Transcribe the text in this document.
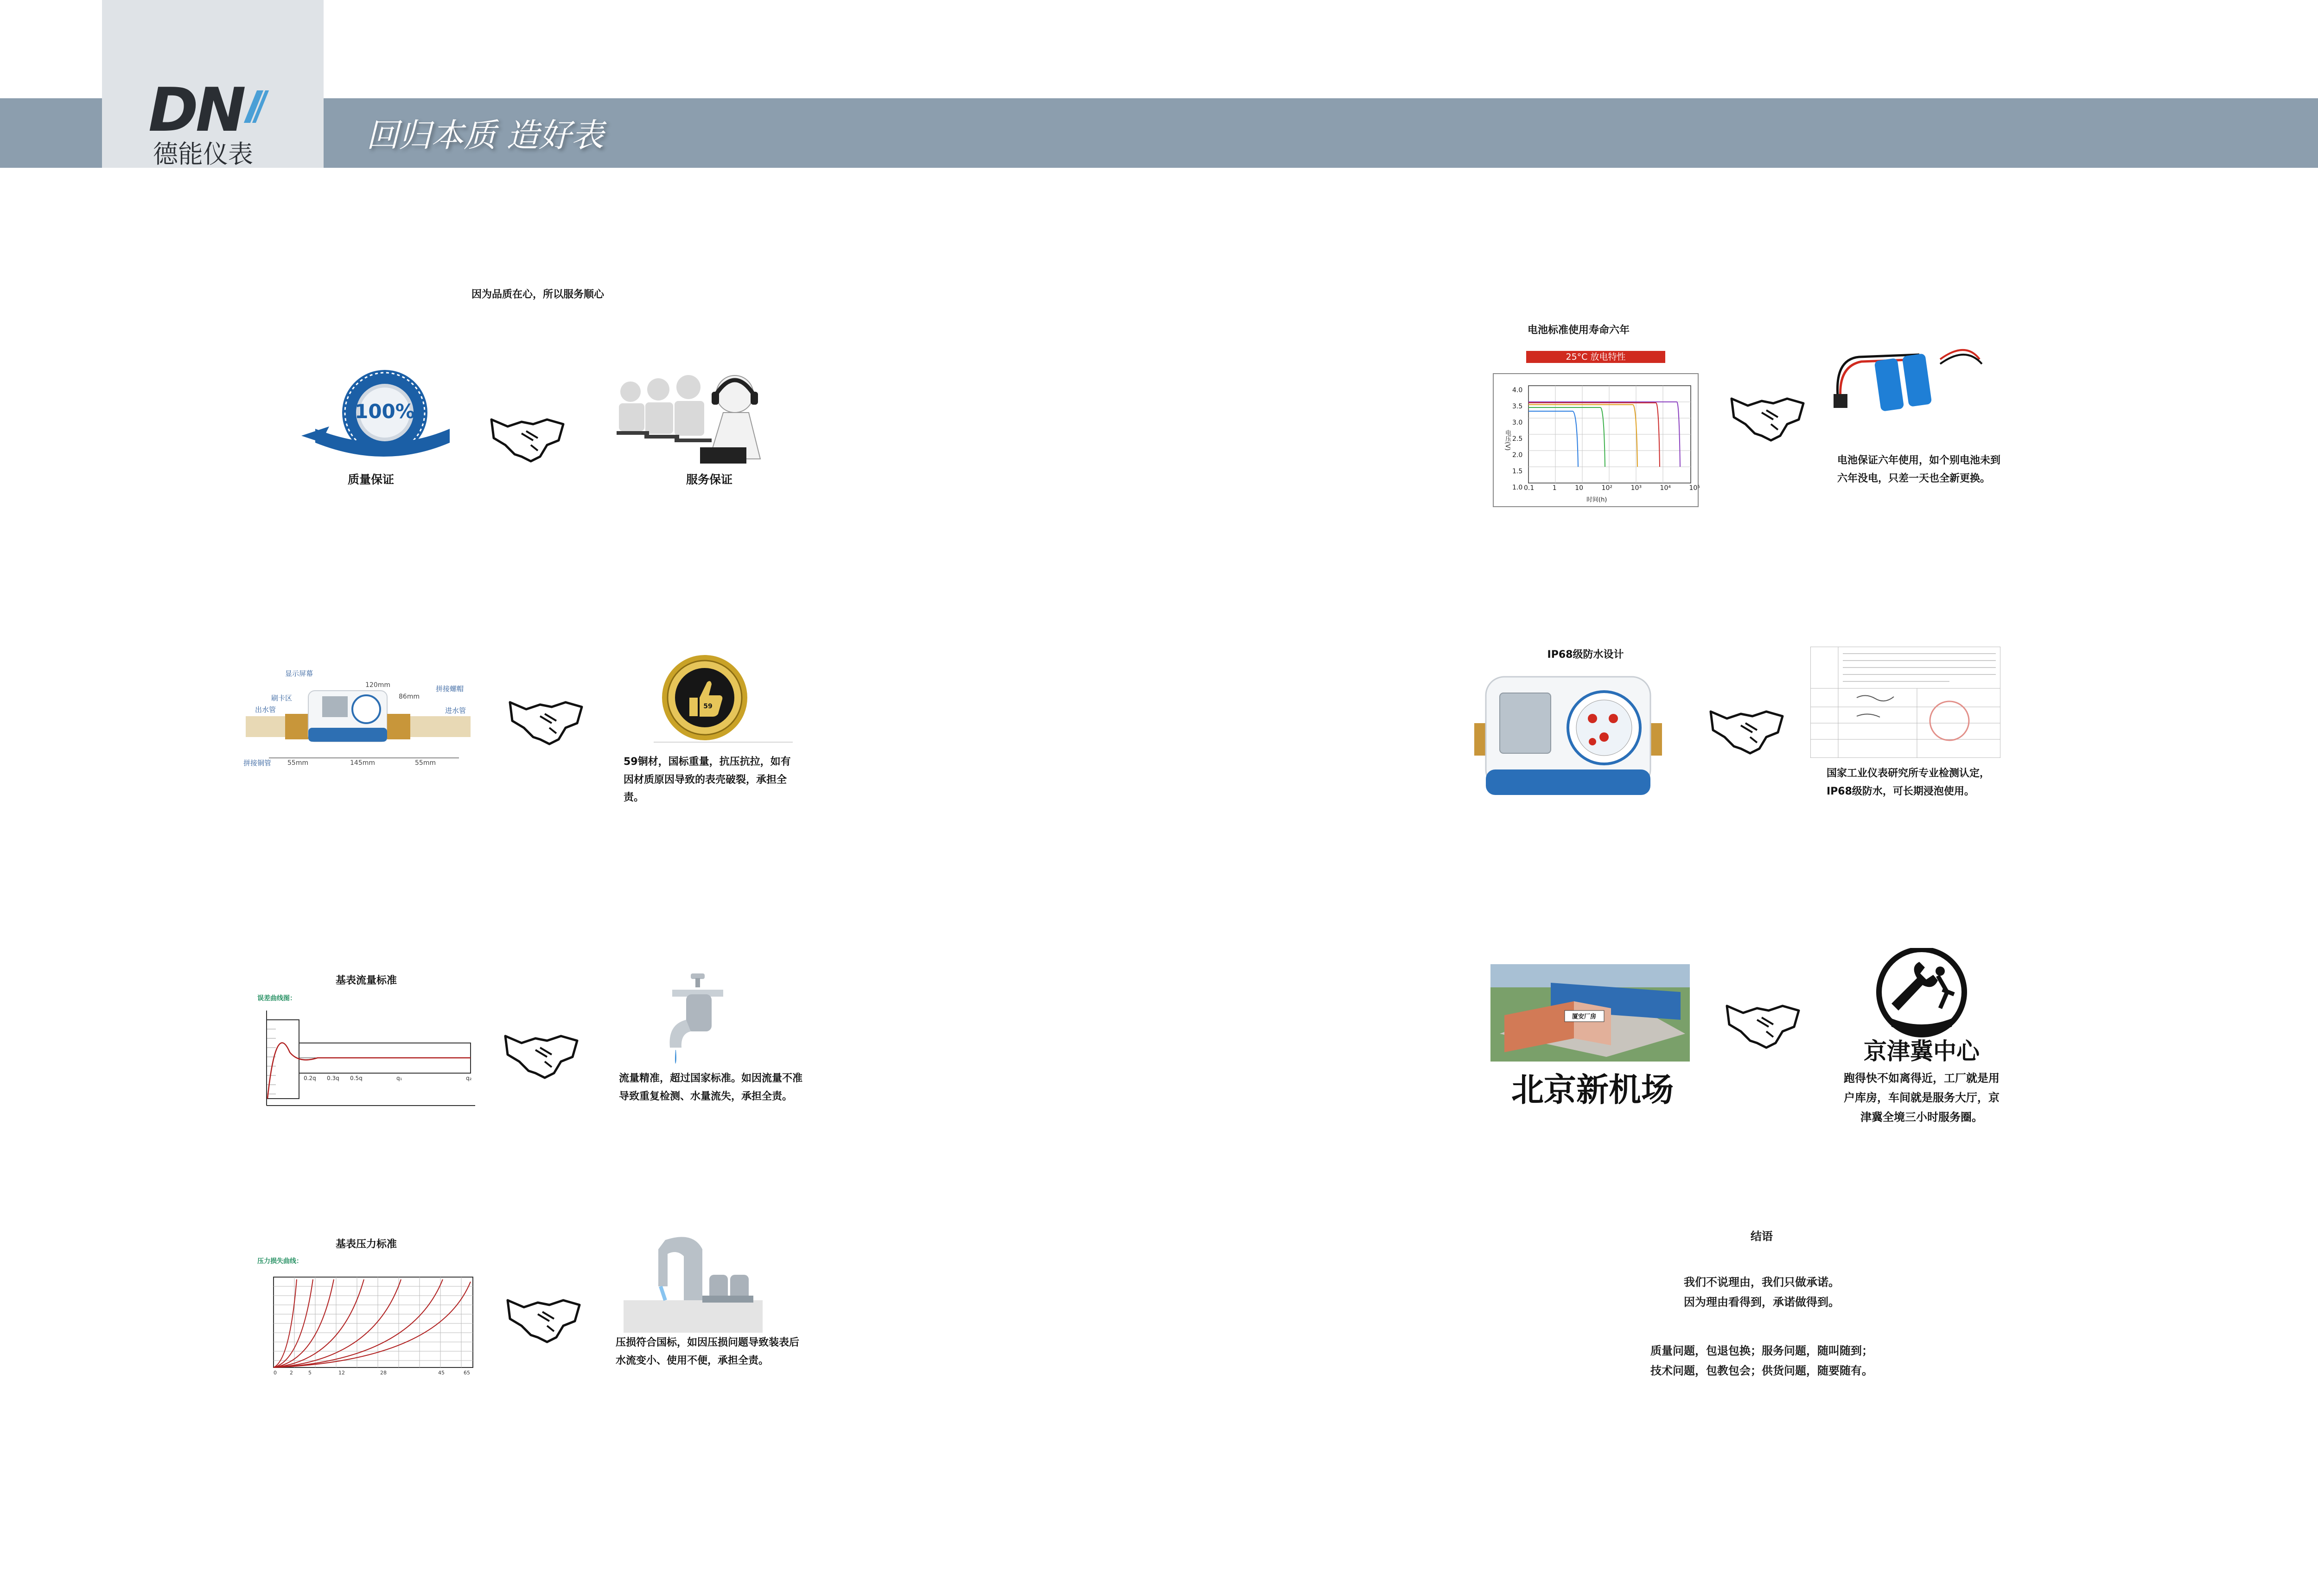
DN
德能仪表	回归本质 造好表
因为品质在心，所以服务顺心
100%
质量保证	服务保证
显示屏幕
刷卡区
出水管
拼接螺帽
进水管
拼接铜管
120mm
86mm
145mm
55mm	55mm
59
59铜材，国标重量，抗压抗拉，如有因材质原因导致的表壳破裂，承担全责。
基表流量标准
误差曲线图：
0.2q 0.3q 0.5q	q₁	q₂	流量精准，超过国家标准。如因流量不准导致重复检测、水量流失，承担全责。
基表压力标准
压力损失曲线：
0	2	5	12	28	45	65
压损符合国标，如因压损问题导致装表后水流变小、使用不便，承担全责。
电池标准使用寿命六年
25°C 放电特性
电压(V)
4.0
3.5
3.0
2.5
2.0
1.5
1.0 0.1	1	10	10²	10³	10⁴	10⁵
时间(h)
电池保证六年使用，如个别电池未到六年没电，只差一天也全新更换。
IP68级防水设计
国家工业仪表研究所专业检测认定，IP68级防水，可长期浸泡使用。
厦安厂房
北京新机场
京津冀中心
跑得快不如离得近，工厂就是用户库房，车间就是服务大厅，京津冀全境三小时服务圈。
结语
我们不说理由，我们只做承诺。
因为理由看得到，承诺做得到。
质量问题，包退包换；服务问题，随叫随到；
技术问题，包教包会；供货问题，随要随有。
